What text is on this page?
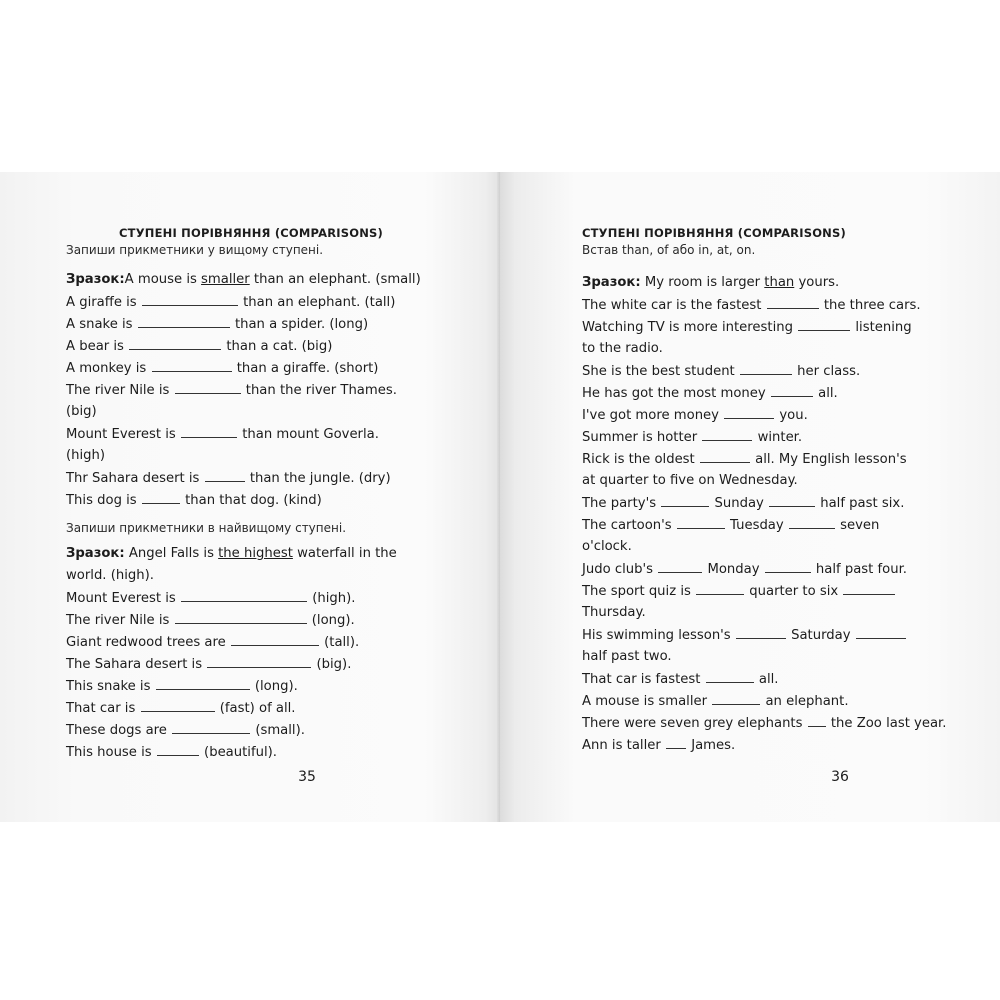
СТУПЕНІ ПОРІВНЯННЯ (COMPARISONS)
Запиши прикметники у вищому ступені.
Зразок:A mouse is smaller than an elephant. (small)
A giraffe is	than an elephant. (tall)
A snake is	than a spider. (long)
A bear is	than a cat. (big)
A monkey is	than a giraffe. (short)
The river Nile is	than the river Thames.
(big)
Mount Everest is	than mount Goverla.
(high)
Thr Sahara desert is	than the jungle. (dry)
This dog is	than that dog. (kind)
Запиши прикметники в найвищому ступені.
Зразок: Angel Falls is the highest waterfall in the
world. (high).
Mount Everest is	(high).
The river Nile is	(long).
Giant redwood trees are	(tall).
The Sahara desert is	(big).
This snake is	(long).
That car is	(fast) of all.
These dogs are	(small).
This house is	(beautiful).
35
СТУПЕНІ ПОРІВНЯННЯ (COMPARISONS)
Встав than, of або in, at, on.
Зразок: My room is larger than yours.
The white car is the fastest	the three cars.
Watching TV is more interesting	listening
to the radio.
She is the best student	her class.
He has got the most money	all.
I've got more money	you.
Summer is hotter	winter.
Rick is the oldest	all. My English lesson's
at quarter to five on Wednesday.
The party's	Sunday	half past six.
The cartoon's	Tuesday	seven
o'clock.
Judo club's	Monday	half past four.
The sport quiz is	quarter to six
Thursday.
His swimming lesson's	Saturday
half past two.
That car is fastest	all.
A mouse is smaller	an elephant.
There were seven grey elephants the Zoo last year.
Ann is taller James.
36
